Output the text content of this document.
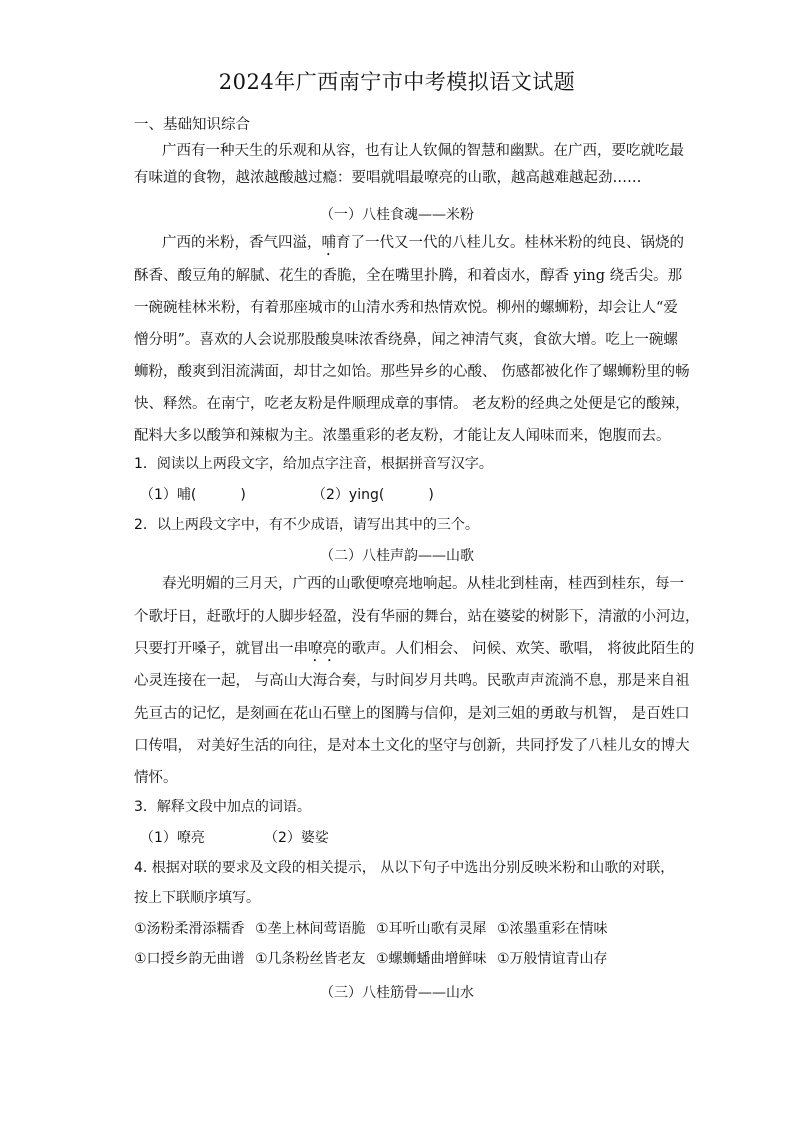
2024年广西南宁市中考模拟语文试题
一、基础知识综合
广西有一种天生的乐观和从容，也有让人钦佩的智慧和幽默。在广西，要吃就吃最
有味道的食物，越浓越酸越过瘾：要唱就唱最嘹亮的山歌，越高越难越起劲……
（一）八桂食魂——米粉
广西的米粉，香气四溢，哺育了一代又一代的八桂儿女。桂林米粉的纯良、锅烧的
酥香、酸豆角的解腻、花生的香脆，全在嘴里扑腾，和着卤水，醇香 ying 绕舌尖。那
一碗碗桂林米粉，有着那座城市的山清水秀和热情欢悦。柳州的螺蛳粉，却会让人“爱
憎分明”。喜欢的人会说那股酸臭味浓香绕鼻，闻之神清气爽，食欲大增。吃上一碗螺
蛳粉，酸爽到泪流满面，却甘之如饴。那些异乡的心酸、 伤感都被化作了螺蛳粉里的畅
快、释然。在南宁，吃老友粉是件顺理成章的事情。 老友粉的经典之处便是它的酸辣，
配料大多以酸笋和辣椒为主。浓墨重彩的老友粉，才能让友人闻味而来，饱腹而去。
1．阅读以上两段文字，给加点字注音，根据拼音写汉字。
（1）哺(	)	（2）ying(	)
2．以上两段文字中，有不少成语，请写出其中的三个。
（二）八桂声韵——山歌
春光明媚的三月天，广西的山歌便嘹亮地响起。从桂北到桂南，桂西到桂东，每一
个歌圩日，赶歌圩的人脚步轻盈，没有华丽的舞台，站在婆娑的树影下，清澈的小河边，
只要打开嗓子，就冒出一串嘹亮的歌声。人们相会、 问候、欢笑、歌唱， 将彼此陌生的
心灵连接在一起， 与高山大海合奏，与时间岁月共鸣。民歌声声流淌不息，那是来自祖
先亘古的记忆，是刻画在花山石壁上的图腾与信仰，是刘三姐的勇敢与机智， 是百姓口
口传唱， 对美好生活的向往，是对本土文化的坚守与创新，共同抒发了八桂儿女的博大
情怀。
3．解释文段中加点的词语。
（1）嘹亮	（2）婆娑
4. 根据对联的要求及文段的相关提示， 从以下句子中选出分别反映米粉和山歌的对联，
按上下联顺序填写。
①汤粉柔滑添糯香 ①垄上林间莺语脆 ①耳听山歌有灵犀 ①浓墨重彩在情味
①口授乡韵无曲谱 ①几条粉丝皆老友 ①螺蛳蟠曲增鲜味 ①万般情谊青山存
（三）八桂筋骨——山水
